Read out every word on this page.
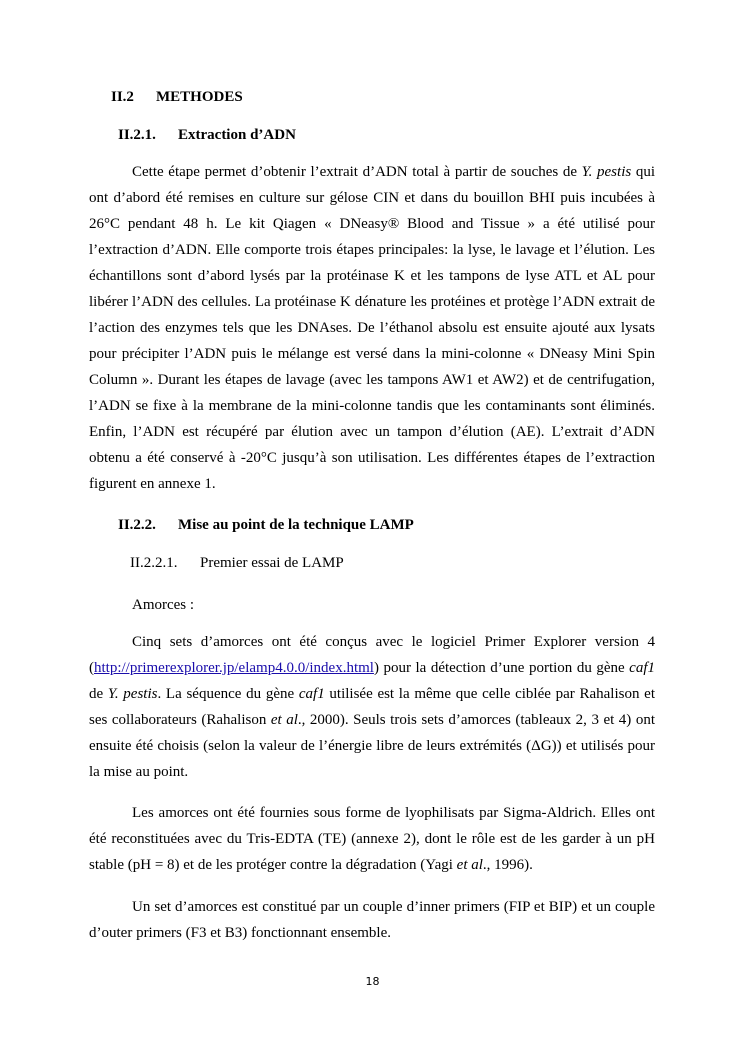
II.2 METHODES
II.2.1. Extraction d’ADN

Cette étape permet d’obtenir l’extrait d’ADN total à partir de souches de Y. pestis qui ont d’abord été remises en culture sur gélose CIN et dans du bouillon BHI puis incubées à 26°C pendant 48 h. Le kit Qiagen « DNeasy® Blood and Tissue » a été utilisé pour l’extraction d’ADN. Elle comporte trois étapes principales: la lyse, le lavage et l’élution. Les échantillons sont d’abord lysés par la protéinase K et les tampons de lyse ATL et AL pour libérer l’ADN des cellules. La protéinase K dénature les protéines et protège l’ADN extrait de l’action des enzymes tels que les DNAses. De l’éthanol absolu est ensuite ajouté aux lysats pour précipiter l’ADN puis le mélange est versé dans la mini-colonne « DNeasy Mini Spin Column ». Durant les étapes de lavage (avec les tampons AW1 et AW2) et de centrifugation, l’ADN se fixe à la membrane de la mini-colonne tandis que les contaminants sont éliminés. Enfin, l’ADN est récupéré par élution avec un tampon d’élution (AE). L’extrait d’ADN obtenu a été conservé à -20°C jusqu’à son utilisation. Les différentes étapes de l’extraction figurent en annexe 1.

II.2.2. Mise au point de la technique LAMP
II.2.2.1. Premier essai de LAMP
Amorces :

Cinq sets d’amorces ont été conçus avec le logiciel Primer Explorer version 4 (http://primerexplorer.jp/elamp4.0.0/index.html) pour la détection d’une portion du gène caf1 de Y. pestis. La séquence du gène caf1 utilisée est la même que celle ciblée par Rahalison et ses collaborateurs (Rahalison et al., 2000). Seuls trois sets d’amorces (tableaux 2, 3 et 4) ont ensuite été choisis (selon la valeur de l’énergie libre de leurs extrémités (ΔG)) et utilisés pour la mise au point.

Les amorces ont été fournies sous forme de lyophilisats par Sigma-Aldrich. Elles ont été reconstituées avec du Tris-EDTA (TE) (annexe 2), dont le rôle est de les garder à un pH stable (pH = 8) et de les protéger contre la dégradation (Yagi et al., 1996).

Un set d’amorces est constitué par un couple d’inner primers (FIP et BIP) et un couple d’outer primers (F3 et B3) fonctionnant ensemble.

18
